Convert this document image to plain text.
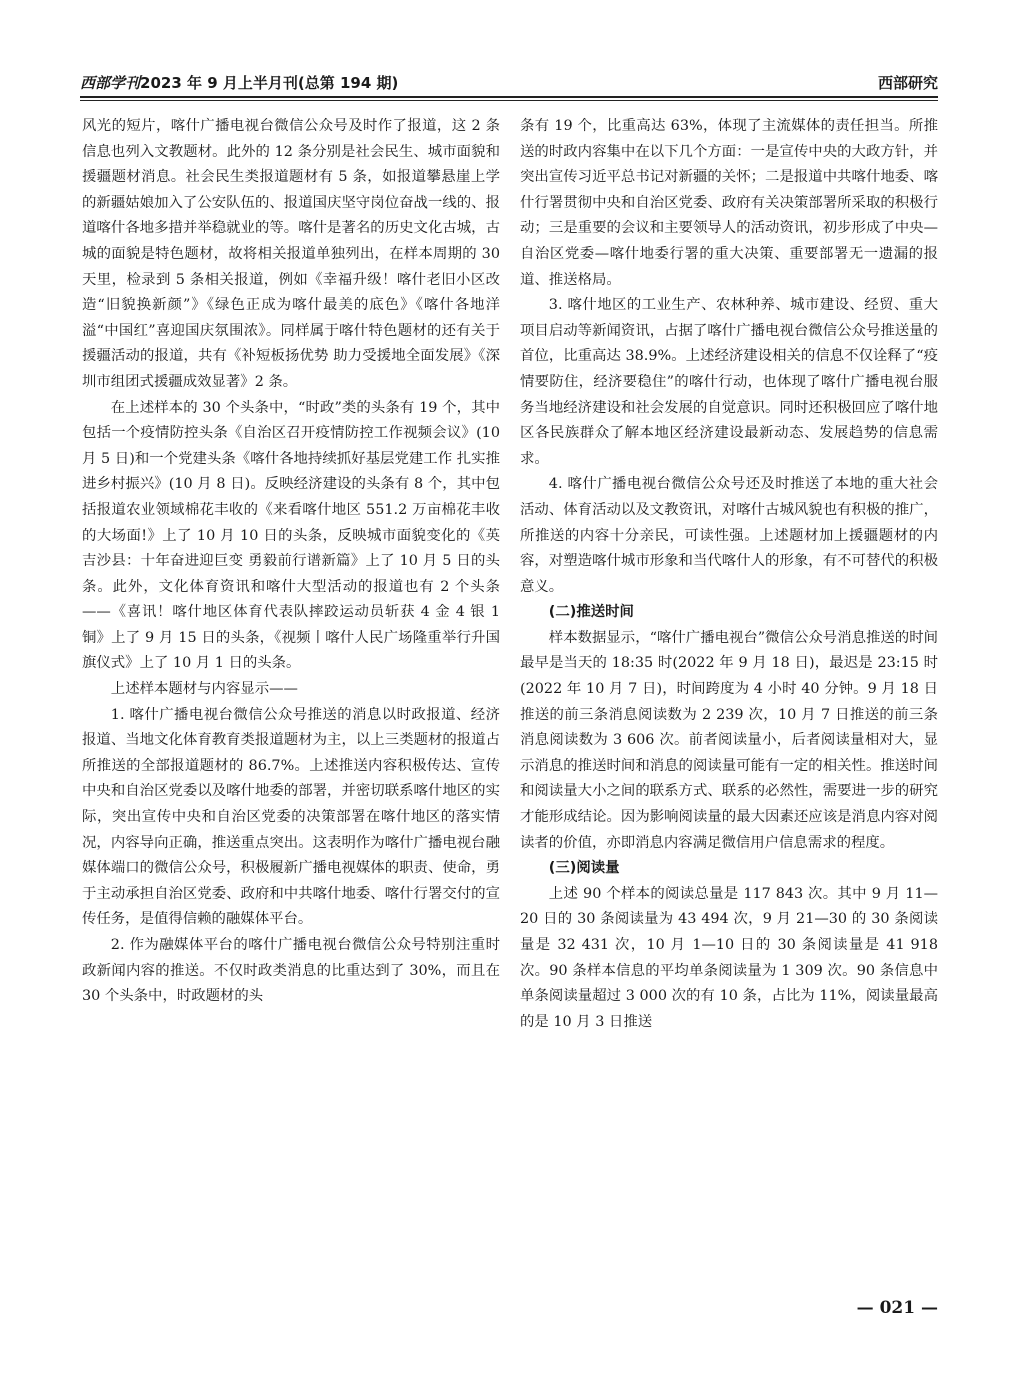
西部学刊2023 年 9 月上半月刊(总第 194 期)	西部研究

风光的短片，喀什广播电视台微信公众号及时作了报道，这 2 条信息也列入文教题材。此外的 12 条分别是社会民生、城市面貌和援疆题材消息。社会民生类报道题材有 5 条，如报道攀悬崖上学的新疆姑娘加入了公安队伍的、报道国庆坚守岗位奋战一线的、报道喀什各地多措并举稳就业的等。喀什是著名的历史文化古城，古城的面貌是特色题材，故将相关报道单独列出，在样本周期的 30 天里，检录到 5 条相关报道，例如《幸福升级！喀什老旧小区改造“旧貌换新颜”》《绿色正成为喀什最美的底色》《喀什各地洋溢“中国红”喜迎国庆氛围浓》。同样属于喀什特色题材的还有关于援疆活动的报道，共有《补短板扬优势 助力受援地全面发展》《深圳市组团式援疆成效显著》2 条。

在上述样本的 30 个头条中，“时政”类的头条有 19 个，其中包括一个疫情防控头条《自治区召开疫情防控工作视频会议》(10 月 5 日)和一个党建头条《喀什各地持续抓好基层党建工作 扎实推进乡村振兴》(10 月 8 日)。反映经济建设的头条有 8 个，其中包括报道农业领域棉花丰收的《来看喀什地区 551.2 万亩棉花丰收的大场面!》上了 10 月 10 日的头条，反映城市面貌变化的《英吉沙县：十年奋进迎巨变 勇毅前行谱新篇》上了 10 月 5 日的头条。此外，文化体育资讯和喀什大型活动的报道也有 2 个头条——《喜讯！喀什地区体育代表队摔跤运动员斩获 4 金 4 银 1 铜》上了 9 月 15 日的头条，《视频丨喀什人民广场隆重举行升国旗仪式》上了 10 月 1 日的头条。

上述样本题材与内容显示——

1. 喀什广播电视台微信公众号推送的消息以时政报道、经济报道、当地文化体育教育类报道题材为主，以上三类题材的报道占所推送的全部报道题材的 86.7%。上述推送内容积极传达、宣传中央和自治区党委以及喀什地委的部署，并密切联系喀什地区的实际，突出宣传中央和自治区党委的决策部署在喀什地区的落实情况，内容导向正确，推送重点突出。这表明作为喀什广播电视台融媒体端口的微信公众号，积极履新广播电视媒体的职责、使命，勇于主动承担自治区党委、政府和中共喀什地委、喀什行署交付的宣传任务，是值得信赖的融媒体平台。

2. 作为融媒体平台的喀什广播电视台微信公众号特别注重时政新闻内容的推送。不仅时政类消息的比重达到了 30%，而且在 30 个头条中，时政题材的头

条有 19 个，比重高达 63%，体现了主流媒体的责任担当。所推送的时政内容集中在以下几个方面：一是宣传中央的大政方针，并突出宣传习近平总书记对新疆的关怀；二是报道中共喀什地委、喀什行署贯彻中央和自治区党委、政府有关决策部署所采取的积极行动；三是重要的会议和主要领导人的活动资讯，初步形成了中央—自治区党委—喀什地委行署的重大决策、重要部署无一遗漏的报道、推送格局。

3. 喀什地区的工业生产、农林种养、城市建设、经贸、重大项目启动等新闻资讯，占据了喀什广播电视台微信公众号推送量的首位，比重高达 38.9%。上述经济建设相关的信息不仅诠释了“疫情要防住，经济要稳住”的喀什行动，也体现了喀什广播电视台服务当地经济建设和社会发展的自觉意识。同时还积极回应了喀什地区各民族群众了解本地区经济建设最新动态、发展趋势的信息需求。

4. 喀什广播电视台微信公众号还及时推送了本地的重大社会活动、体育活动以及文教资讯，对喀什古城风貌也有积极的推广，所推送的内容十分亲民，可读性强。上述题材加上援疆题材的内容，对塑造喀什城市形象和当代喀什人的形象，有不可替代的积极意义。

(二)推送时间

样本数据显示，“喀什广播电视台”微信公众号消息推送的时间最早是当天的 18:35 时(2022 年 9 月 18 日)，最迟是 23:15 时(2022 年 10 月 7 日)，时间跨度为 4 小时 40 分钟。9 月 18 日推送的前三条消息阅读数为 2 239 次，10 月 7 日推送的前三条消息阅读数为 3 606 次。前者阅读量小，后者阅读量相对大，显示消息的推送时间和消息的阅读量可能有一定的相关性。推送时间和阅读量大小之间的联系方式、联系的必然性，需要进一步的研究才能形成结论。因为影响阅读量的最大因素还应该是消息内容对阅读者的价值，亦即消息内容满足微信用户信息需求的程度。

(三)阅读量

上述 90 个样本的阅读总量是 117 843 次。其中 9 月 11—20 日的 30 条阅读量为 43 494 次，9 月 21—30 的 30 条阅读量是 32 431 次，10 月 1—10 日的 30 条阅读量是 41 918 次。90 条样本信息的平均单条阅读量为 1 309 次。90 条信息中单条阅读量超过 3 000 次的有 10 条，占比为 11%，阅读量最高的是 10 月 3 日推送

— 021 —
